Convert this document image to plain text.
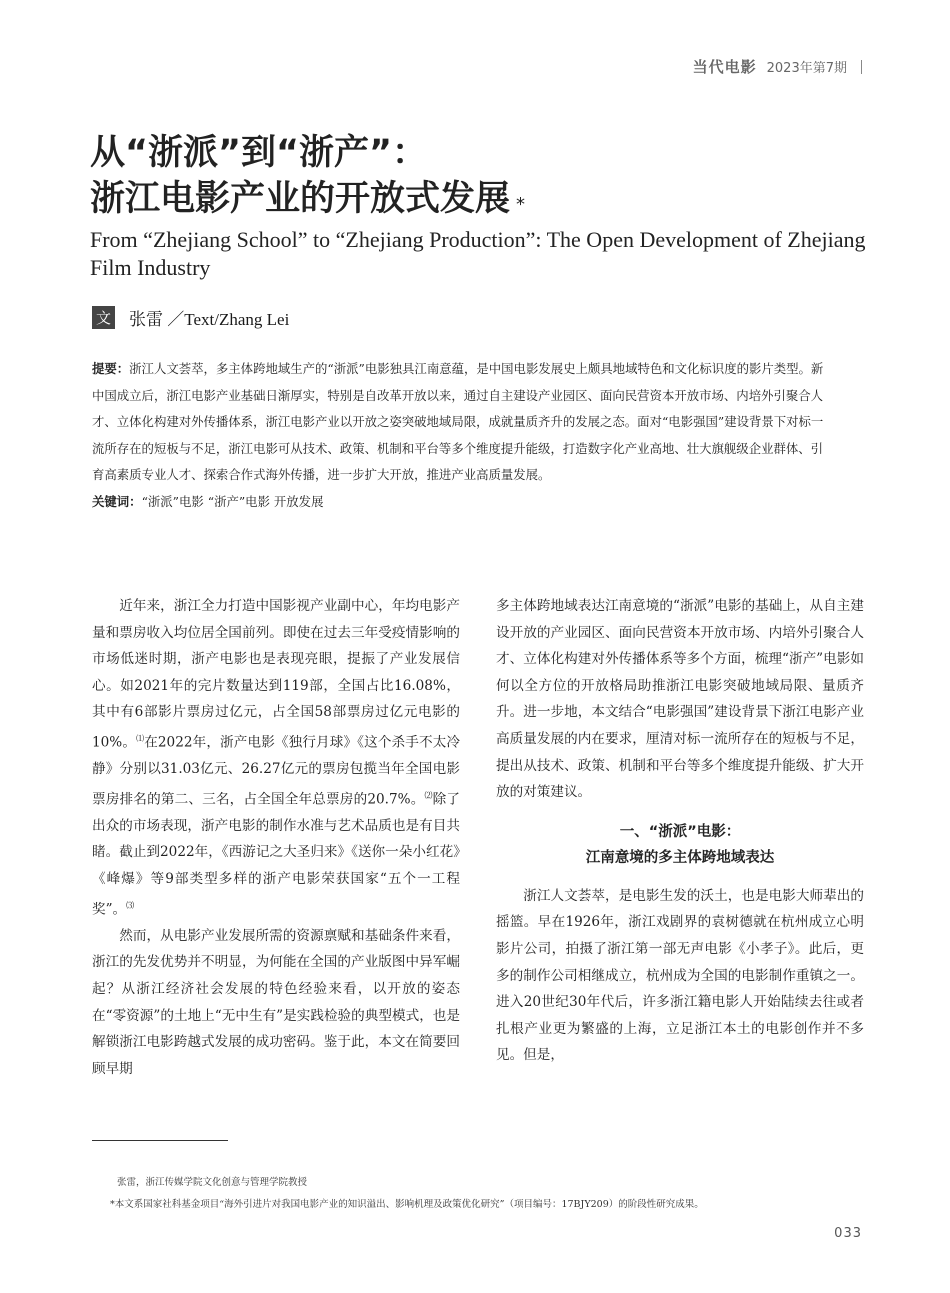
当代电影 2023年第7期
从“浙派”到“浙产”：
浙江电影产业的开放式发展 *
From “Zhejiang School” to “Zhejiang Production”: The Open Development of Zhejiang Film Industry
文 张雷 ／Text/Zhang Lei

提要：浙江人文荟萃，多主体跨地域生产的“浙派”电影独具江南意蕴，是中国电影发展史上颇具地域特色和文化标识度的影片类型。新中国成立后，浙江电影产业基础日渐厚实，特别是自改革开放以来，通过自主建设产业园区、面向民营资本开放市场、内培外引聚合人才、立体化构建对外传播体系，浙江电影产业以开放之姿突破地域局限，成就量质齐升的发展之态。面对“电影强国”建设背景下对标一流所存在的短板与不足，浙江电影可从技术、政策、机制和平台等多个维度提升能级，打造数字化产业高地、壮大旗舰级企业群体、引育高素质专业人才、探索合作式海外传播，进一步扩大开放，推进产业高质量发展。

关键词：“浙派”电影 “浙产”电影 开放发展

近年来，浙江全力打造中国影视产业副中心，年均电影产量和票房收入均位居全国前列。即使在过去三年受疫情影响的市场低迷时期，浙产电影也是表现亮眼，提振了产业发展信心。如2021年的完片数量达到119部，全国占比16.08%，其中有6部影片票房过亿元，占全国58部票房过亿元电影的10%。⑴在2022年，浙产电影《独行月球》《这个杀手不太冷静》分别以31.03亿元、26.27亿元的票房包揽当年全国电影票房排名的第二、三名，占全国全年总票房的20.7%。⑵除了出众的市场表现，浙产电影的制作水准与艺术品质也是有目共睹。截止到2022年，《西游记之大圣归来》《送你一朵小红花》《峰爆》等9部类型多样的浙产电影荣获国家“五个一工程奖”。⑶

然而，从电影产业发展所需的资源禀赋和基础条件来看，浙江的先发优势并不明显，为何能在全国的产业版图中异军崛起？从浙江经济社会发展的特色经验来看，以开放的姿态在“零资源”的土地上“无中生有”是实践检验的典型模式，也是解锁浙江电影跨越式发展的成功密码。鉴于此，本文在简要回顾早期

多主体跨地域表达江南意境的“浙派”电影的基础上，从自主建设开放的产业园区、面向民营资本开放市场、内培外引聚合人才、立体化构建对外传播体系等多个方面，梳理“浙产”电影如何以全方位的开放格局助推浙江电影突破地域局限、量质齐升。进一步地，本文结合“电影强国”建设背景下浙江电影产业高质量发展的内在要求，厘清对标一流所存在的短板与不足，提出从技术、政策、机制和平台等多个维度提升能级、扩大开放的对策建议。

一、“浙派”电影：
江南意境的多主体跨地域表达

浙江人文荟萃，是电影生发的沃土，也是电影大师辈出的摇篮。早在1926年，浙江戏剧界的袁树德就在杭州成立心明影片公司，拍摄了浙江第一部无声电影《小孝子》。此后，更多的制作公司相继成立，杭州成为全国的电影制作重镇之一。进入20世纪30年代后，许多浙江籍电影人开始陆续去往或者扎根产业更为繁盛的上海，立足浙江本土的电影创作并不多见。但是，

张雷，浙江传媒学院文化创意与管理学院教授

*本文系国家社科基金项目“海外引进片对我国电影产业的知识溢出、影响机理及政策优化研究”（项目编号：17BJY209）的阶段性研究成果。

033
